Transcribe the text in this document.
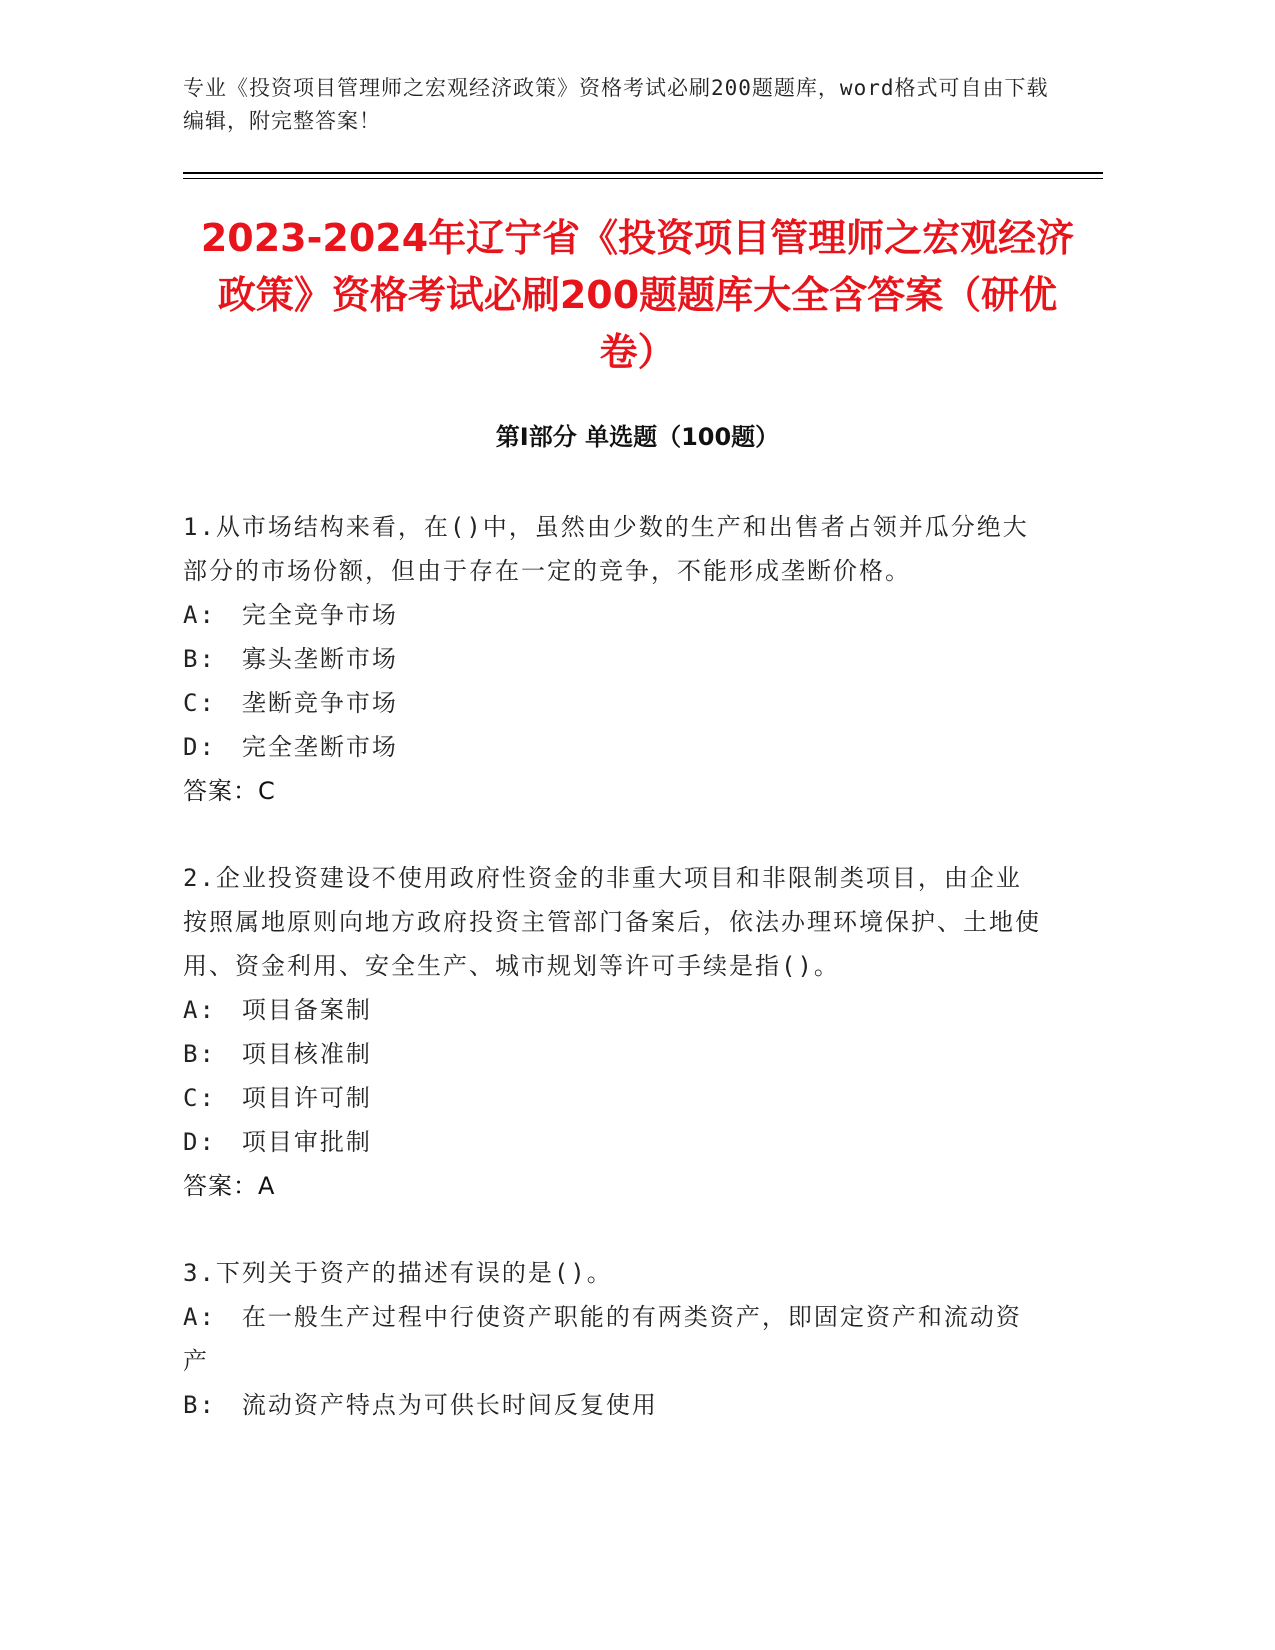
专业《投资项目管理师之宏观经济政策》资格考试必刷200题题库，word格式可自由下载编辑，附完整答案！
2023-2024年辽宁省《投资项目管理师之宏观经济政策》资格考试必刷200题题库大全含答案（研优卷）
第Ⅰ部分 单选题（100题）
1.从市场结构来看，在()中，虽然由少数的生产和出售者占领并瓜分绝大部分的市场份额，但由于存在一定的竞争，不能形成垄断价格。
A:　完全竞争市场
B:　寡头垄断市场
C:　垄断竞争市场
D:　完全垄断市场
答案：C
2.企业投资建设不使用政府性资金的非重大项目和非限制类项目，由企业按照属地原则向地方政府投资主管部门备案后，依法办理环境保护、土地使用、资金利用、安全生产、城市规划等许可手续是指()。
A:　项目备案制
B:　项目核准制
C:　项目许可制
D:　项目审批制
答案：A
3.下列关于资产的描述有误的是()。
A:　在一般生产过程中行使资产职能的有两类资产，即固定资产和流动资产
B:　流动资产特点为可供长时间反复使用
